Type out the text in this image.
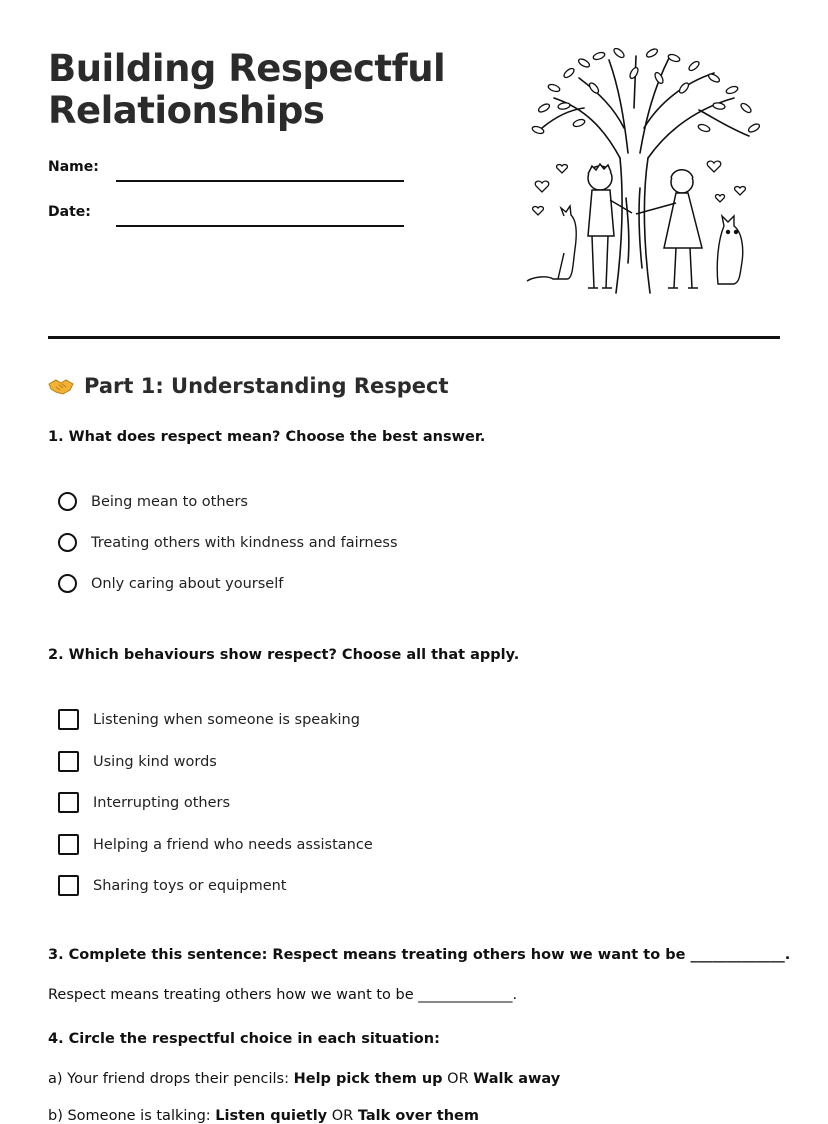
Building Respectful
Relationships
Name:
Date:
Part 1: Understanding Respect
1. What does respect mean? Choose the best answer.
Being mean to others
Treating others with kindness and fairness
Only caring about yourself
2. Which behaviours show respect? Choose all that apply.
Listening when someone is speaking
Using kind words
Interrupting others
Helping a friend who needs assistance
Sharing toys or equipment
3. Complete this sentence: Respect means treating others how we want to be _____________.
Respect means treating others how we want to be _____________.
4. Circle the respectful choice in each situation:
a) Your friend drops their pencils: Help pick them up OR Walk away
b) Someone is talking: Listen quietly OR Talk over them
